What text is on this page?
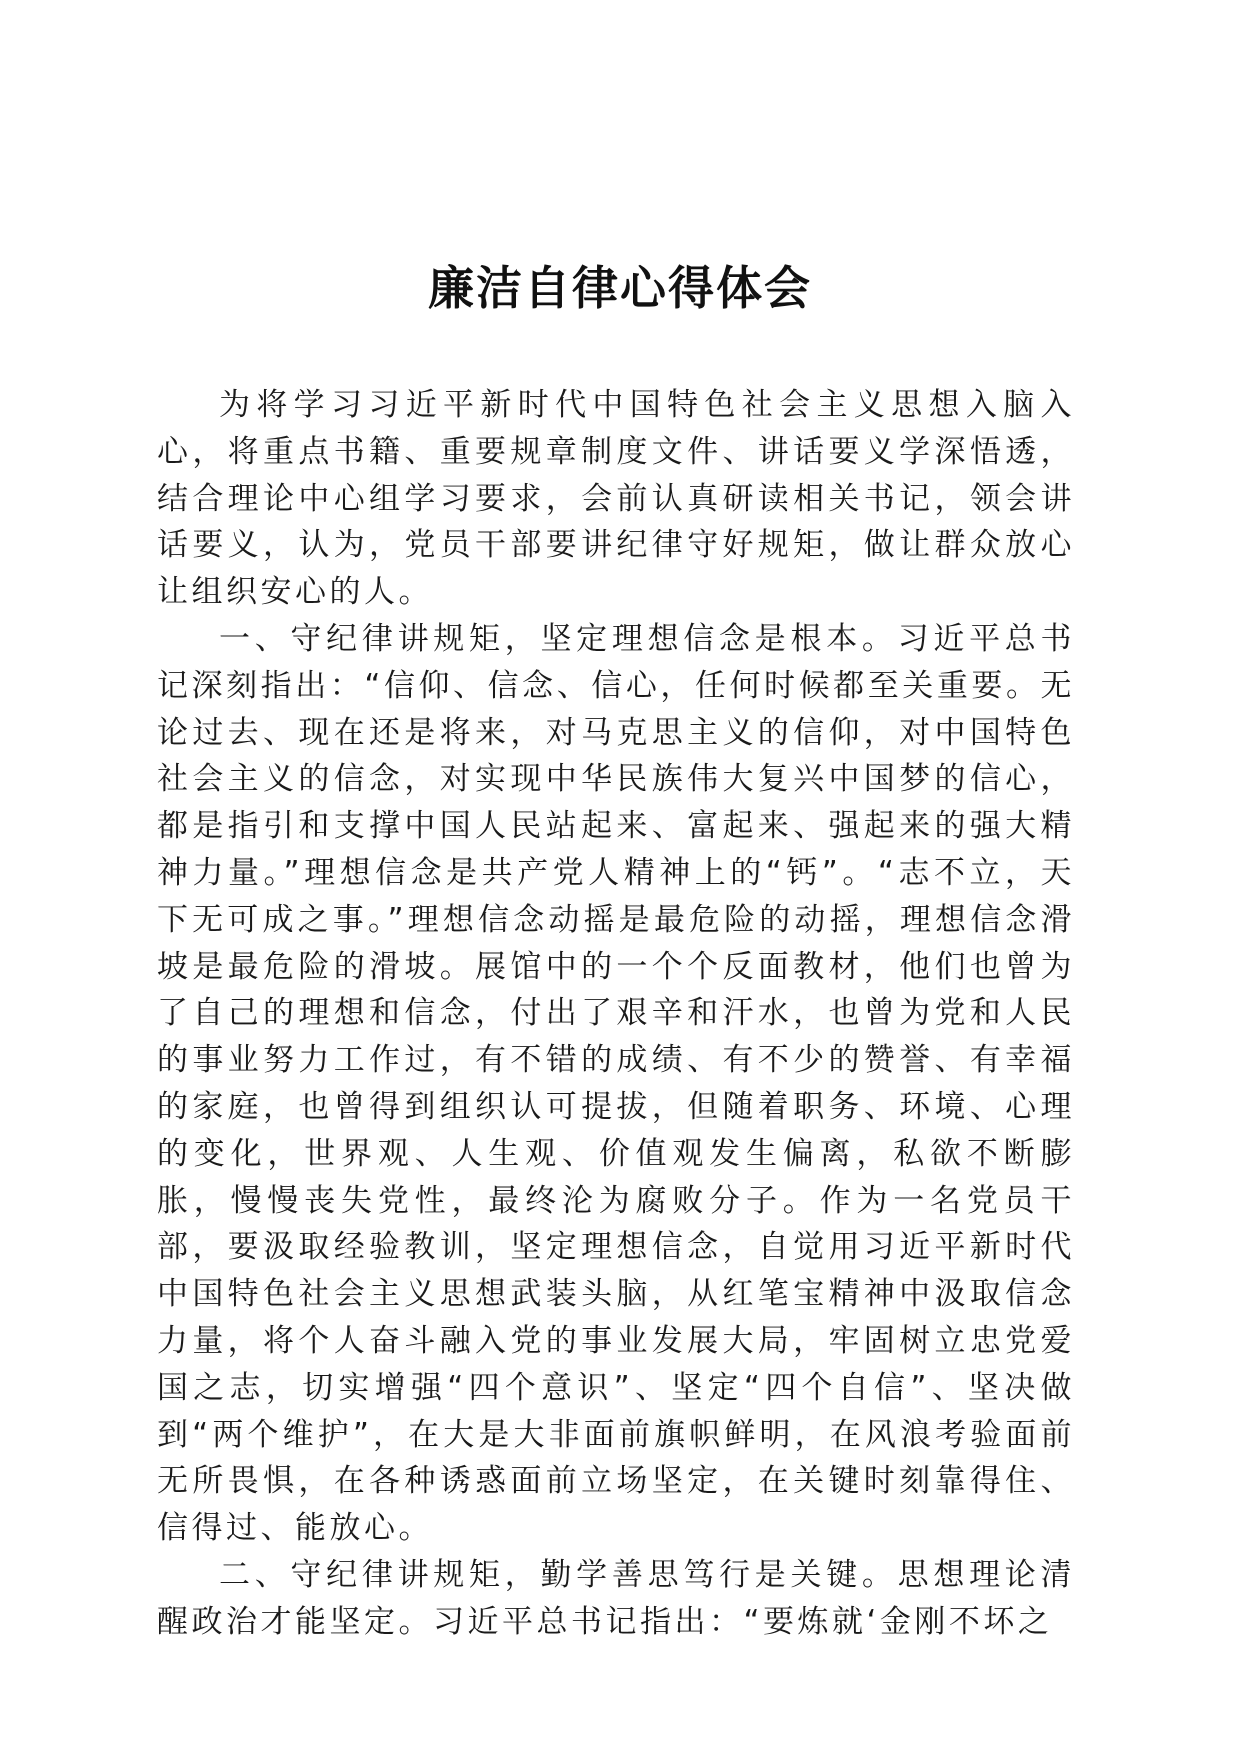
廉洁自律心得体会

为将学习习近平新时代中国特色社会主义思想入脑入心，将重点书籍、重要规章制度文件、讲话要义学深悟透，结合理论中心组学习要求，会前认真研读相关书记，领会讲话要义，认为，党员干部要讲纪律守好规矩，做让群众放心让组织安心的人。

一、守纪律讲规矩，坚定理想信念是根本。习近平总书记深刻指出：“信仰、信念、信心，任何时候都至关重要。无论过去、现在还是将来，对马克思主义的信仰，对中国特色社会主义的信念，对实现中华民族伟大复兴中国梦的信心，都是指引和支撑中国人民站起来、富起来、强起来的强大精神力量。”理想信念是共产党人精神上的“钙”。“志不立，天下无可成之事。”理想信念动摇是最危险的动摇，理想信念滑坡是最危险的滑坡。展馆中的一个个反面教材，他们也曾为了自己的理想和信念，付出了艰辛和汗水，也曾为党和人民的事业努力工作过，有不错的成绩、有不少的赞誉、有幸福的家庭，也曾得到组织认可提拔，但随着职务、环境、心理的变化，世界观、人生观、价值观发生偏离，私欲不断膨胀，慢慢丧失党性，最终沦为腐败分子。作为一名党员干部，要汲取经验教训，坚定理想信念，自觉用习近平新时代中国特色社会主义思想武装头脑，从红笔宝精神中汲取信念力量，将个人奋斗融入党的事业发展大局，牢固树立忠党爱国之志，切实增强“四个意识”、坚定“四个自信”、坚决做到“两个维护”，在大是大非面前旗帜鲜明，在风浪考验面前无所畏惧，在各种诱惑面前立场坚定，在关键时刻靠得住、信得过、能放心。

二、守纪律讲规矩，勤学善思笃行是关键。思想理论清醒政治才能坚定。习近平总书记指出：“要炼就‘金刚不坏之
